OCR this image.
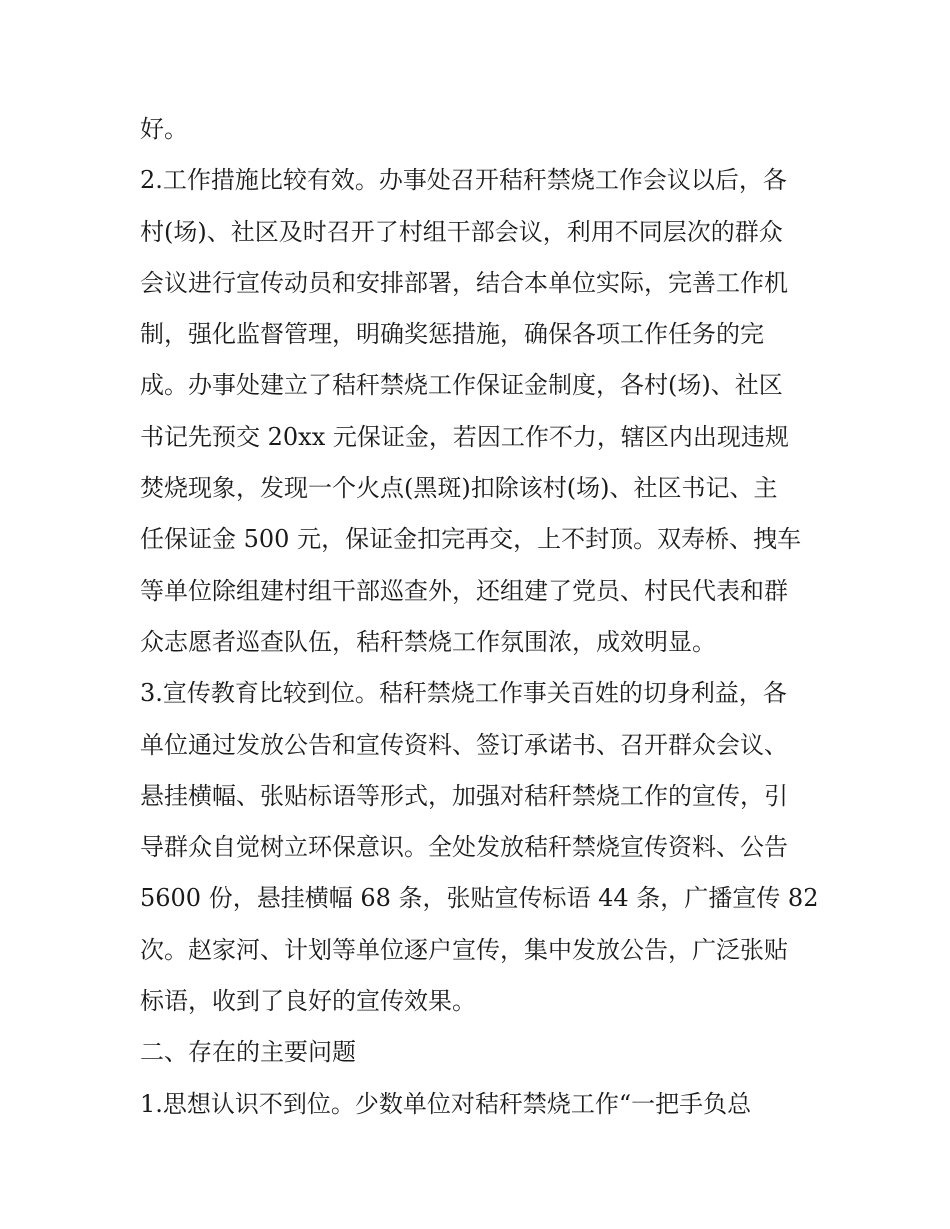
好。
2.工作措施比较有效。办事处召开秸秆禁烧工作会议以后，各
村(场)、社区及时召开了村组干部会议，利用不同层次的群众
会议进行宣传动员和安排部署，结合本单位实际，完善工作机
制，强化监督管理，明确奖惩措施，确保各项工作任务的完
成。办事处建立了秸秆禁烧工作保证金制度，各村(场)、社区
书记先预交 20xx 元保证金，若因工作不力，辖区内出现违规
焚烧现象，发现一个火点(黑斑)扣除该村(场)、社区书记、主
任保证金 500 元，保证金扣完再交，上不封顶。双寿桥、拽车
等单位除组建村组干部巡查外，还组建了党员、村民代表和群
众志愿者巡查队伍，秸秆禁烧工作氛围浓，成效明显。
3.宣传教育比较到位。秸秆禁烧工作事关百姓的切身利益，各
单位通过发放公告和宣传资料、签订承诺书、召开群众会议、
悬挂横幅、张贴标语等形式，加强对秸秆禁烧工作的宣传，引
导群众自觉树立环保意识。全处发放秸秆禁烧宣传资料、公告
5600 份，悬挂横幅 68 条，张贴宣传标语 44 条，广播宣传 82
次。赵家河、计划等单位逐户宣传，集中发放公告，广泛张贴
标语，收到了良好的宣传效果。
二、存在的主要问题
1.思想认识不到位。少数单位对秸秆禁烧工作“一把手负总
